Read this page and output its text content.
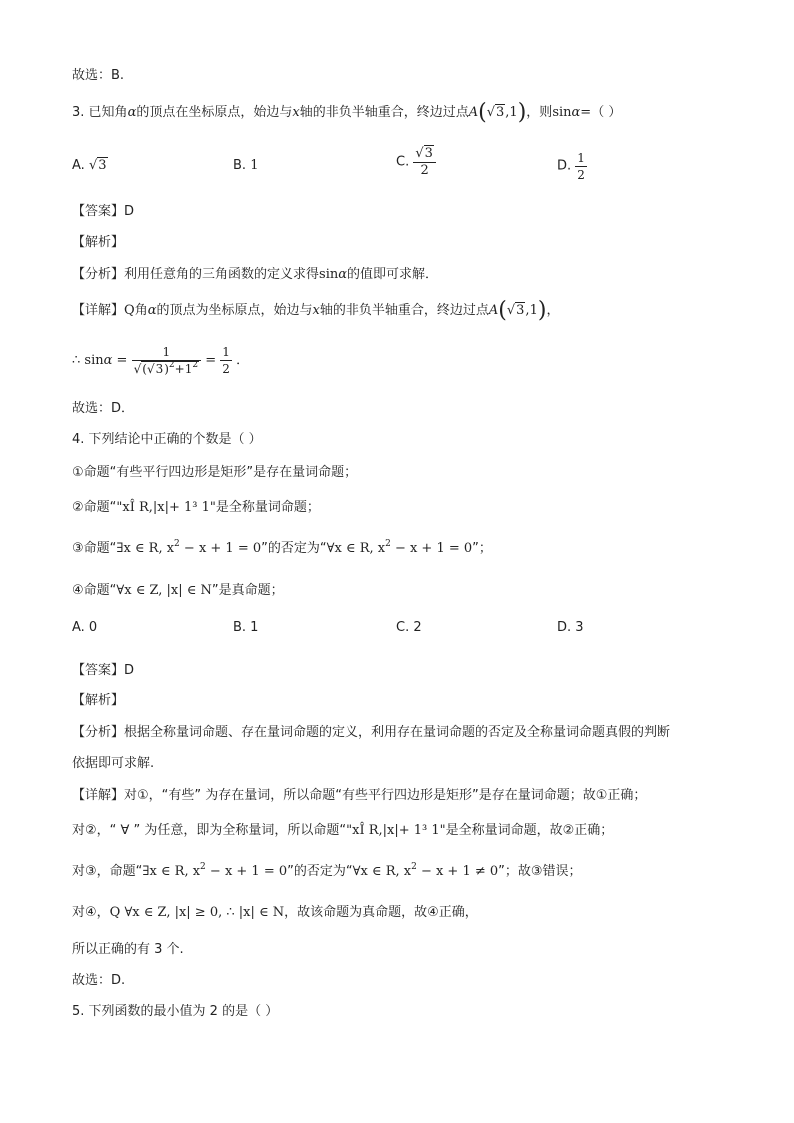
故选：B.
3. 已知角α的顶点在坐标原点，始边与x轴的非负半轴重合，终边过点A(√3,1)，则sinα=（ ）
A. √3	B. 1	C. $\frac{√3}{2}$	D. $\frac{1}{2}$
【答案】D
【解析】
【分析】利用任意角的三角函数的定义求得sinα的值即可求解．
【详解】Q角α的顶点为坐标原点，始边与x轴的非负半轴重合，终边过点A(√3,1)，
∴ $\sin\alpha = \frac{1}{√(√3)^2+1^2} = \frac{1}{2}$ ．
故选：D．
4. 下列结论中正确的个数是（ ）
①命题“有些平行四边形是矩形”是存在量词命题；
②命题“"xÎ R,|x|+ 1³ 1"是全称量词命题；
③命题“∃x ∈ R, $x^2 - x + 1 = 0$”的否定为“∀x ∈ R, $x^2 - x + 1 = 0$”；
④命题“∀x ∈ Z, |x| ∈ N”是真命题；
A. 0	B. 1	C. 2	D. 3
【答案】D
【解析】
【分析】根据全称量词命题、存在量词命题的定义，利用存在量词命题的否定及全称量词命题真假的判断
依据即可求解.
【详解】对①，“有些” 为存在量词，所以命题“有些平行四边形是矩形”是存在量词命题；故①正确；
对②，“ ∀ ” 为任意，即为全称量词，所以命题“"xÎ R,|x|+ 1³ 1"是全称量词命题，故②正确；
对③，命题“∃x ∈ R, $x^2 - x + 1 = 0$”的否定为“∀x ∈ R, $x^2 - x + 1 \ne 0$”；故③错误；
对④，Q ∀x ∈ Z, |x| ≥ 0, ∴ |x| ∈ N，故该命题为真命题，故④正确，
所以正确的有 3 个.
故选：D.
5. 下列函数的最小值为 2 的是（ ）
